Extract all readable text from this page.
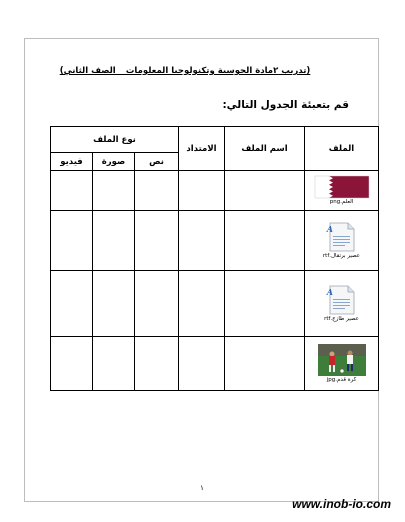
(تدريب ٢مادة الحوسبة وتكنولوجيا المعلومات _ الصف الثاني)
قم بتعبئة الجدول التالي:
الملف	اسم الملف	الامتداد	نوع الملف		
			نص	صورة	فيديو

العلم.png					

A
عصير برتقال.rtf					

A
عصير طازج.rtf					

كرة قدم.jpg					

١
www.inob-io.com
